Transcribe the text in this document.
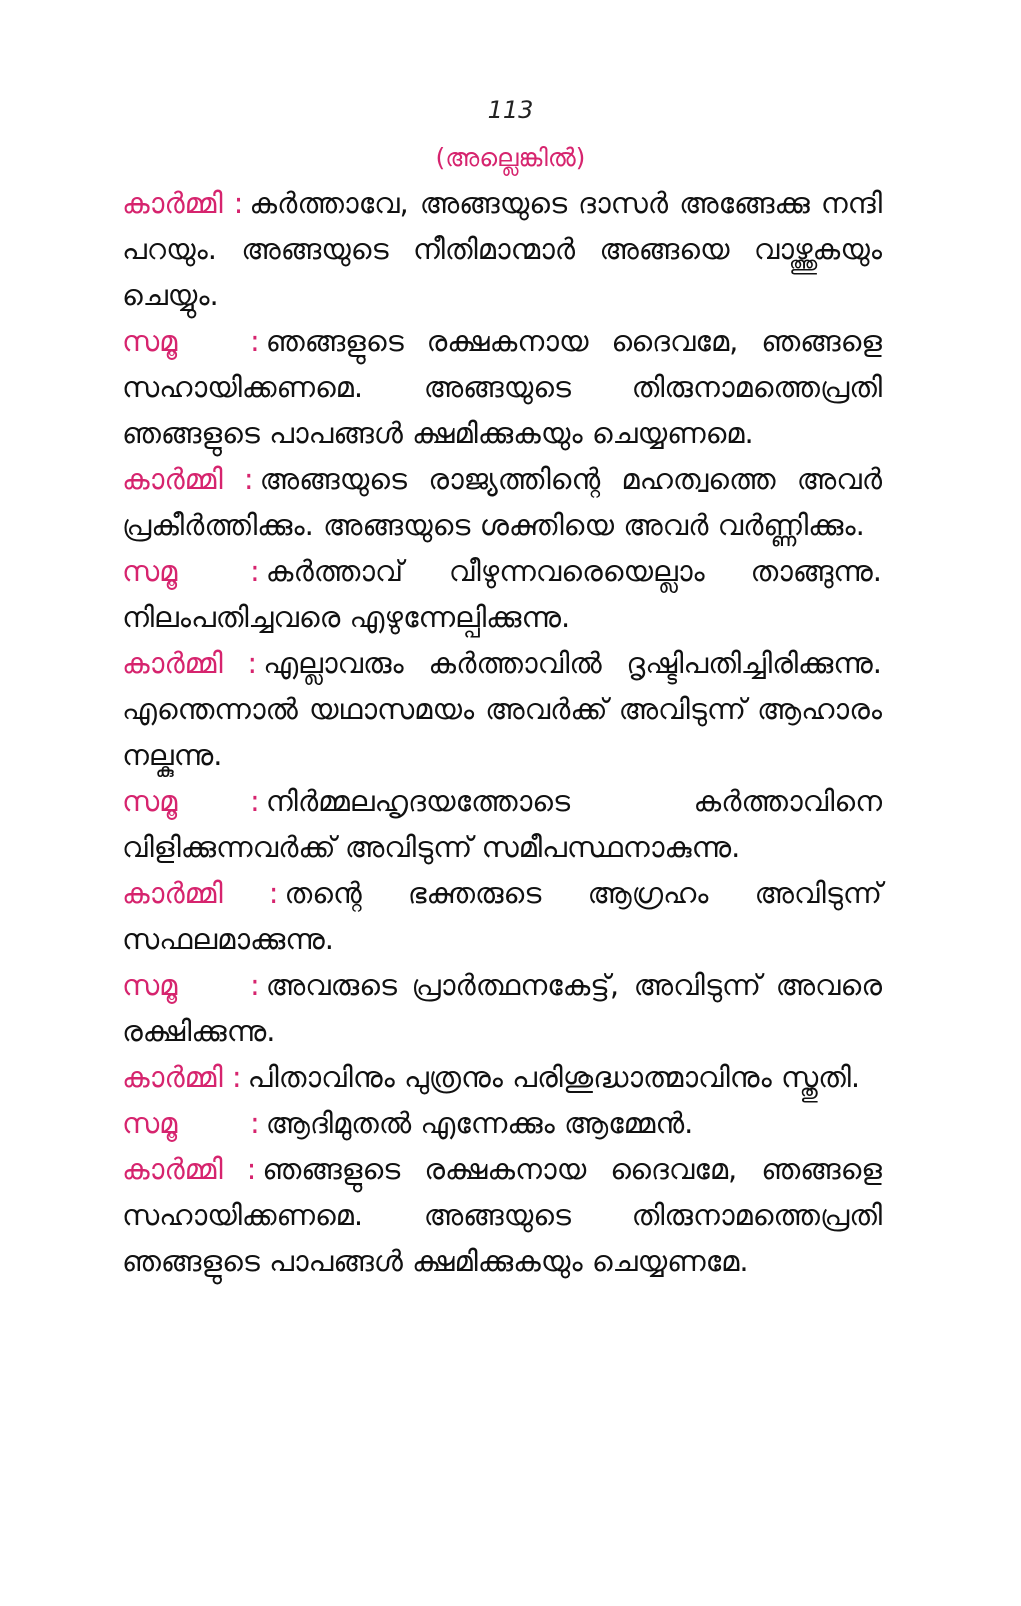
113
(അല്ലെങ്കിൽ)

കാർമ്മി : കർത്താവേ, അങ്ങയുടെ ദാസർ അങ്ങേക്കു നന്ദി പറയും. അങ്ങയുടെ നീതിമാന്മാർ അങ്ങയെ വാഴ്ത്തുകയും ചെയ്യും.

സമൂ	: ഞങ്ങളുടെ രക്ഷകനായ ദൈവമേ, ഞങ്ങളെ സഹായിക്കണമെ. അങ്ങയുടെ തിരുനാമത്തെപ്രതി ഞങ്ങളുടെ പാപങ്ങൾ ക്ഷമിക്കുകയും ചെയ്യണമെ.

കാർമ്മി : അങ്ങയുടെ രാജ്യത്തിന്റെ മഹത്വത്തെ അവർ പ്രകീർത്തിക്കും. അങ്ങയുടെ ശക്തിയെ അവർ വർണ്ണിക്കും.

സമൂ	: കർത്താവ് വീഴുന്നവരെയെല്ലാം താങ്ങുന്നു. നിലംപതിച്ചവരെ എഴുന്നേല്പിക്കുന്നു.

കാർമ്മി : എല്ലാവരും കർത്താവിൽ ദൃഷ്ടിപതിച്ചിരിക്കുന്നു. എന്തെന്നാൽ യഥാസമയം അവർക്ക് അവിടുന്ന് ആഹാരം നല്കുന്നു.

സമൂ	: നിർമ്മലഹൃദയത്തോടെ കർത്താവിനെ വിളിക്കുന്നവർക്ക് അവിടുന്ന് സമീപസ്ഥനാകുന്നു.

കാർമ്മി : തന്റെ ഭക്തരുടെ ആഗ്രഹം അവിടുന്ന് സഫലമാക്കുന്നു.

സമൂ	: അവരുടെ പ്രാർത്ഥനകേട്ട്, അവിടുന്ന് അവരെ രക്ഷിക്കുന്നു.

കാർമ്മി : പിതാവിനും പുത്രനും പരിശുദ്ധാത്മാവിനും സ്തുതി.

സമൂ	: ആദിമുതൽ എന്നേക്കും ആമ്മേൻ.

കാർമ്മി : ഞങ്ങളുടെ രക്ഷകനായ ദൈവമേ, ഞങ്ങളെ സഹായിക്കണമെ. അങ്ങയുടെ തിരുനാമത്തെപ്രതി ഞങ്ങളുടെ പാപങ്ങൾ ക്ഷമിക്കുകയും ചെയ്യണമേ.
